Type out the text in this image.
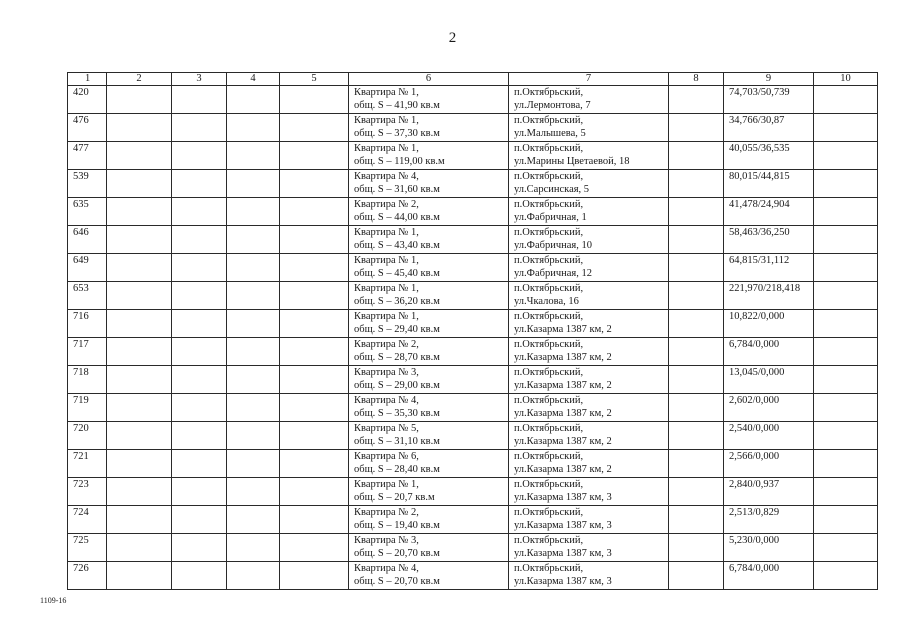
2
1	2	3	4	5	6	7	8	9	10
420					Квартира № 1,
общ. S – 41,90 кв.м	п.Октябрьский,
ул.Лермонтова, 7		74,703/50,739	
476					Квартира № 1,
общ. S – 37,30 кв.м	п.Октябрьский,
ул.Малышева, 5		34,766/30,87	
477					Квартира № 1,
общ. S – 119,00 кв.м	п.Октябрьский,
ул.Марины Цветаевой, 18		40,055/36,535	
539					Квартира № 4,
общ. S – 31,60 кв.м	п.Октябрьский,
ул.Сарсинская, 5		80,015/44,815	
635					Квартира № 2,
общ. S – 44,00 кв.м	п.Октябрьский,
ул.Фабричная, 1		41,478/24,904	
646					Квартира № 1,
общ. S – 43,40 кв.м	п.Октябрьский,
ул.Фабричная, 10		58,463/36,250	
649					Квартира № 1,
общ. S – 45,40 кв.м	п.Октябрьский,
ул.Фабричная, 12		64,815/31,112	
653					Квартира № 1,
общ. S – 36,20 кв.м	п.Октябрьский,
ул.Чкалова, 16		221,970/218,418	
716					Квартира № 1,
общ. S – 29,40 кв.м	п.Октябрьский,
ул.Казарма 1387 км, 2		10,822/0,000	
717					Квартира № 2,
общ. S – 28,70 кв.м	п.Октябрьский,
ул.Казарма 1387 км, 2		6,784/0,000	
718					Квартира № 3,
общ. S – 29,00 кв.м	п.Октябрьский,
ул.Казарма 1387 км, 2		13,045/0,000	
719					Квартира № 4,
общ. S – 35,30 кв.м	п.Октябрьский,
ул.Казарма 1387 км, 2		2,602/0,000	
720					Квартира № 5,
общ. S – 31,10 кв.м	п.Октябрьский,
ул.Казарма 1387 км, 2		2,540/0,000	
721					Квартира № 6,
общ. S – 28,40 кв.м	п.Октябрьский,
ул.Казарма 1387 км, 2		2,566/0,000	
723					Квартира № 1,
общ. S – 20,7 кв.м	п.Октябрьский,
ул.Казарма 1387 км, 3		2,840/0,937	
724					Квартира № 2,
общ. S – 19,40 кв.м	п.Октябрьский,
ул.Казарма 1387 км, 3		2,513/0,829	
725					Квартира № 3,
общ. S – 20,70 кв.м	п.Октябрьский,
ул.Казарма 1387 км, 3		5,230/0,000	
726					Квартира № 4,
общ. S – 20,70 кв.м	п.Октябрьский,
ул.Казарма 1387 км, 3		6,784/0,000	
1109-16
